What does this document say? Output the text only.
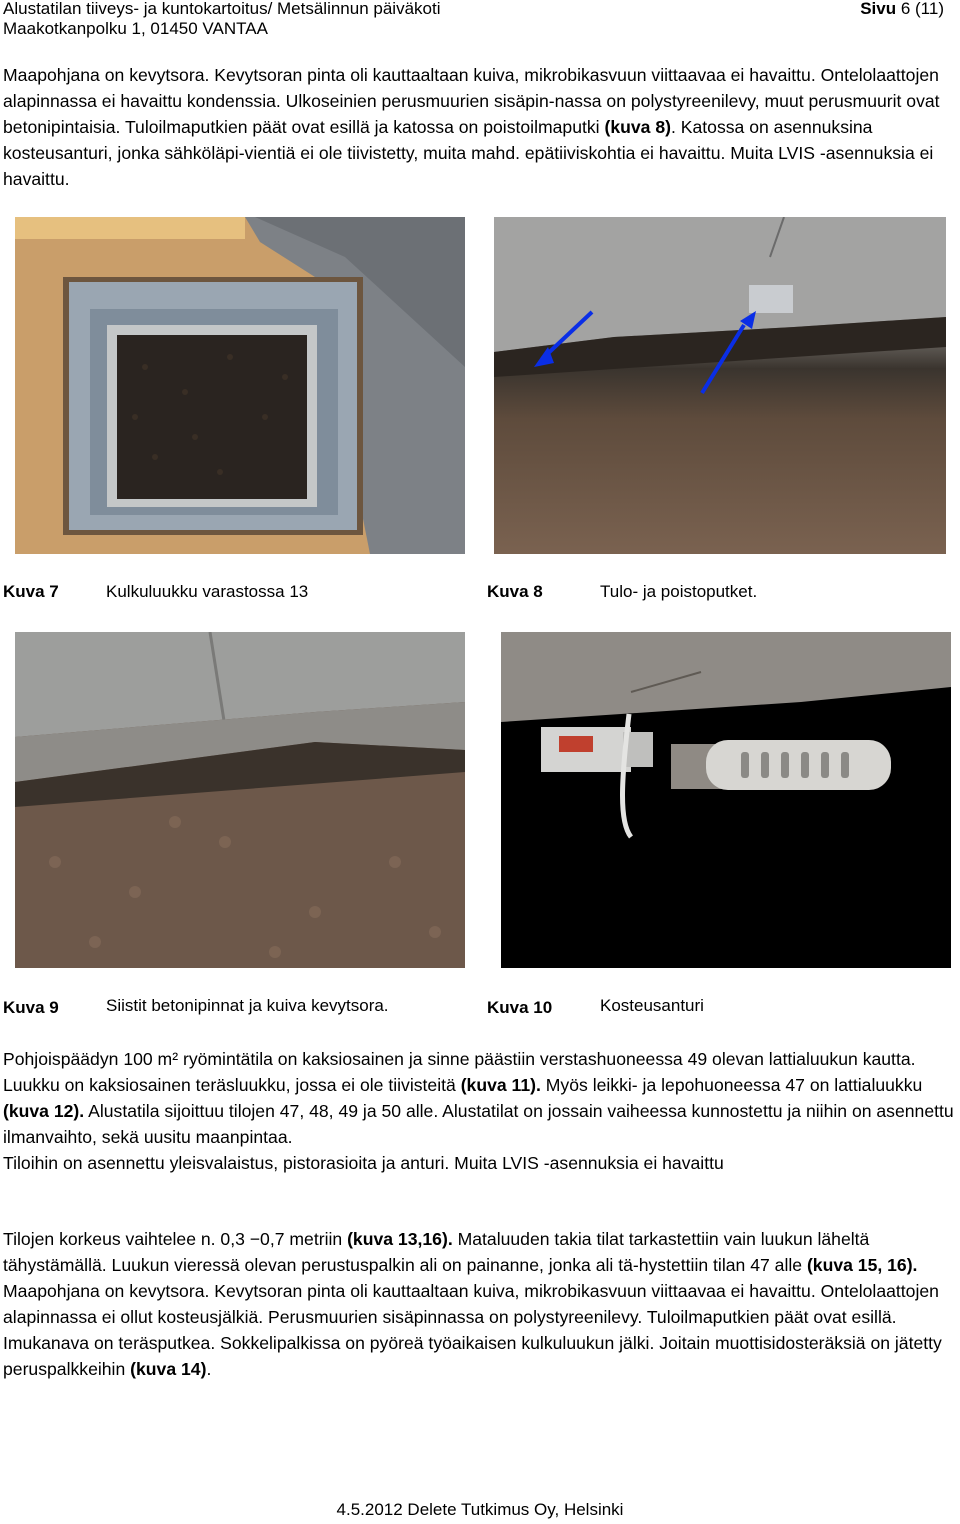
Alustatilan tiiveys- ja kuntokartoitus/ Metsälinnun päiväkoti
Maakotkanpolku 1, 01450 VANTAA
Sivu 6 (11)

Maapohjana on kevytsora. Kevytsoran pinta oli kauttaaltaan kuiva, mikrobikasvuun viittaavaa ei havaittu. Ontelolaattojen alapinnassa ei havaittu kondenssia. Ulkoseinien perusmuurien sisäpin-nassa on polystyreenilevy, muut perusmuurit ovat betonipintaisia. Tuloilmaputkien päät ovat esillä ja katossa on poistoilmaputki (kuva 8). Katossa on asennuksina kosteusanturi, jonka sähköläpi-vientiä ei ole tiivistetty, muita mahd. epätiiviskohtia ei havaittu. Muita LVIS -asennuksia ei havaittu.

Kuva 7	Kulkuluukku varastossa 13	Kuva 8	Tulo- ja poistoputket.
Kuva 9	Siistit betonipinnat ja kuiva kevytsora.	Kuva 10	Kosteusanturi

Pohjoispäädyn 100 m² ryömintätila on kaksiosainen ja sinne päästiin verstashuoneessa 49 olevan lattialuukun kautta. Luukku on kaksiosainen teräsluukku, jossa ei ole tiivisteitä (kuva 11). Myös leikki- ja lepohuoneessa 47 on lattialuukku (kuva 12). Alustatila sijoittuu tilojen 47, 48, 49 ja 50 alle. Alustatilat on jossain vaiheessa kunnostettu ja niihin on asennettu ilmanvaihto, sekä uusitu maanpintaa.
Tiloihin on asennettu yleisvalaistus, pistorasioita ja anturi. Muita LVIS -asennuksia ei havaittu

Tilojen korkeus vaihtelee n. 0,3 −0,7 metriin (kuva 13,16). Mataluuden takia tilat tarkastettiin vain luukun läheltä tähystämällä. Luukun vieressä olevan perustuspalkin ali on painanne, jonka ali tä-hystettiin tilan 47 alle (kuva 15, 16). Maapohjana on kevytsora. Kevytsoran pinta oli kauttaaltaan kuiva, mikrobikasvuun viittaavaa ei havaittu. Ontelolaattojen alapinnassa ei ollut kosteusjälkiä. Perusmuurien sisäpinnassa on polystyreenilevy. Tuloilmaputkien päät ovat esillä. Imukanava on teräsputkea. Sokkelipalkissa on pyöreä työaikaisen kulkuluukun jälki. Joitain muottisidosteräksiä on jätetty peruspalkkeihin (kuva 14).

4.5.2012 Delete Tutkimus Oy, Helsinki
